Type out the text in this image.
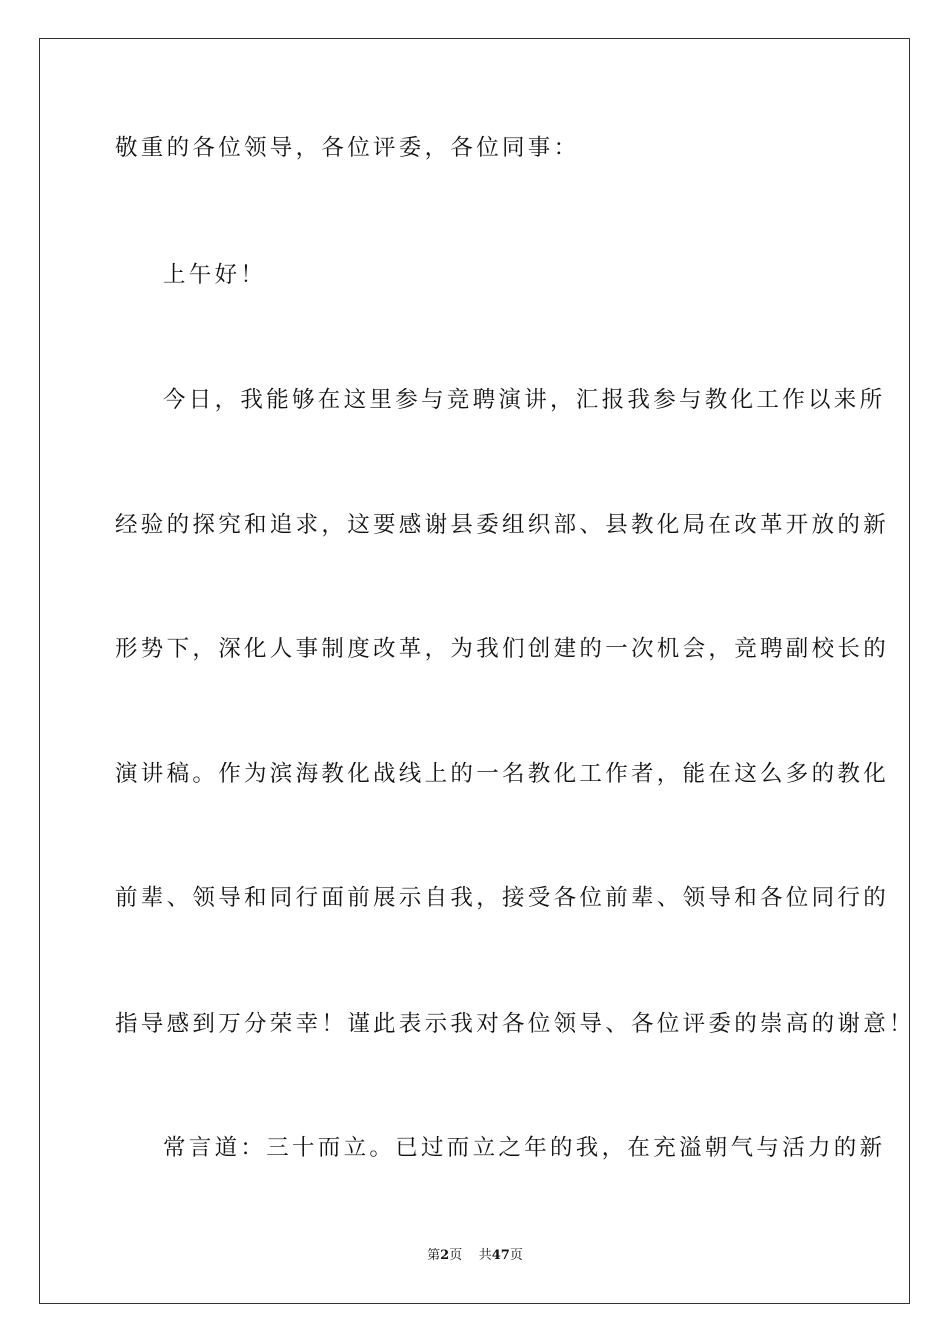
敬重的各位领导，各位评委，各位同事：
上午好！
今日，我能够在这里参与竞聘演讲，汇报我参与教化工作以来所
经验的探究和追求，这要感谢县委组织部、县教化局在改革开放的新
形势下，深化人事制度改革，为我们创建的一次机会，竞聘副校长的
演讲稿。作为滨海教化战线上的一名教化工作者，能在这么多的教化
前辈、领导和同行面前展示自我，接受各位前辈、领导和各位同行的
指导感到万分荣幸！谨此表示我对各位领导、各位评委的崇高的谢意！
常言道：三十而立。已过而立之年的我，在充溢朝气与活力的新
第2页 共47页
